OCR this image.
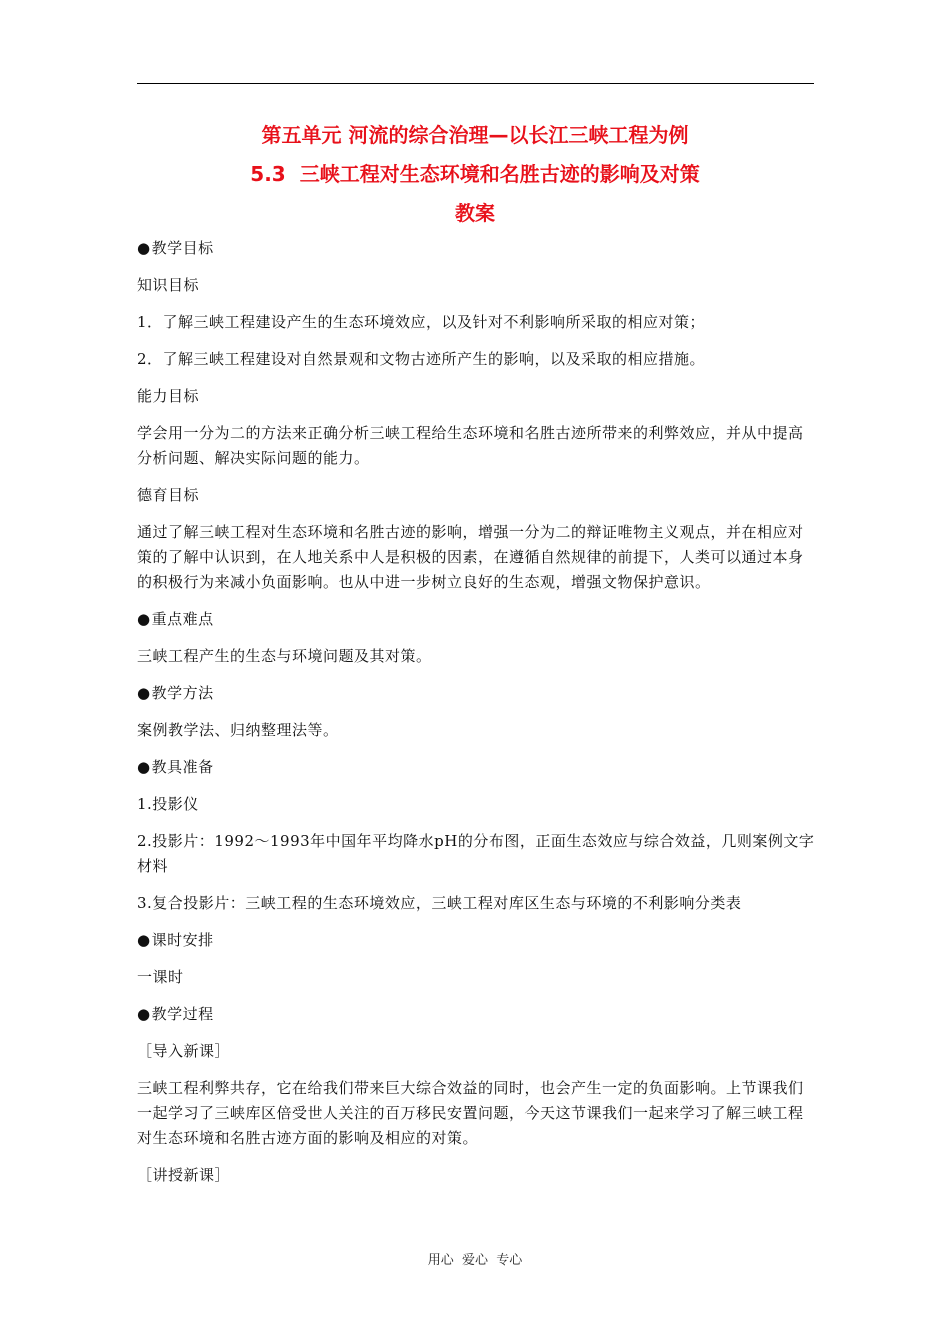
第五单元 河流的综合治理—以长江三峡工程为例
5.3 三峡工程对生态环境和名胜古迹的影响及对策
教案

●教学目标

知识目标

1．了解三峡工程建设产生的生态环境效应，以及针对不利影响所采取的相应对策；

2．了解三峡工程建设对自然景观和文物古迹所产生的影响，以及采取的相应措施。

能力目标

学会用一分为二的方法来正确分析三峡工程给生态环境和名胜古迹所带来的利弊效应，并从中提高分析问题、解决实际问题的能力。

德育目标

通过了解三峡工程对生态环境和名胜古迹的影响，增强一分为二的辩证唯物主义观点，并在相应对策的了解中认识到，在人地关系中人是积极的因素，在遵循自然规律的前提下，人类可以通过本身的积极行为来减小负面影响。也从中进一步树立良好的生态观，增强文物保护意识。

●重点难点

三峡工程产生的生态与环境问题及其对策。

●教学方法

案例教学法、归纳整理法等。

●教具准备

1.投影仪

2.投影片：1992～1993年中国年平均降水pH的分布图，正面生态效应与综合效益，几则案例文字材料

3.复合投影片：三峡工程的生态环境效应，三峡工程对库区生态与环境的不利影响分类表

●课时安排

一课时

●教学过程

［导入新课］

三峡工程利弊共存，它在给我们带来巨大综合效益的同时，也会产生一定的负面影响。上节课我们一起学习了三峡库区倍受世人关注的百万移民安置问题，今天这节课我们一起来学习了解三峡工程对生态环境和名胜古迹方面的影响及相应的对策。

［讲授新课］

用心  爱心  专心
